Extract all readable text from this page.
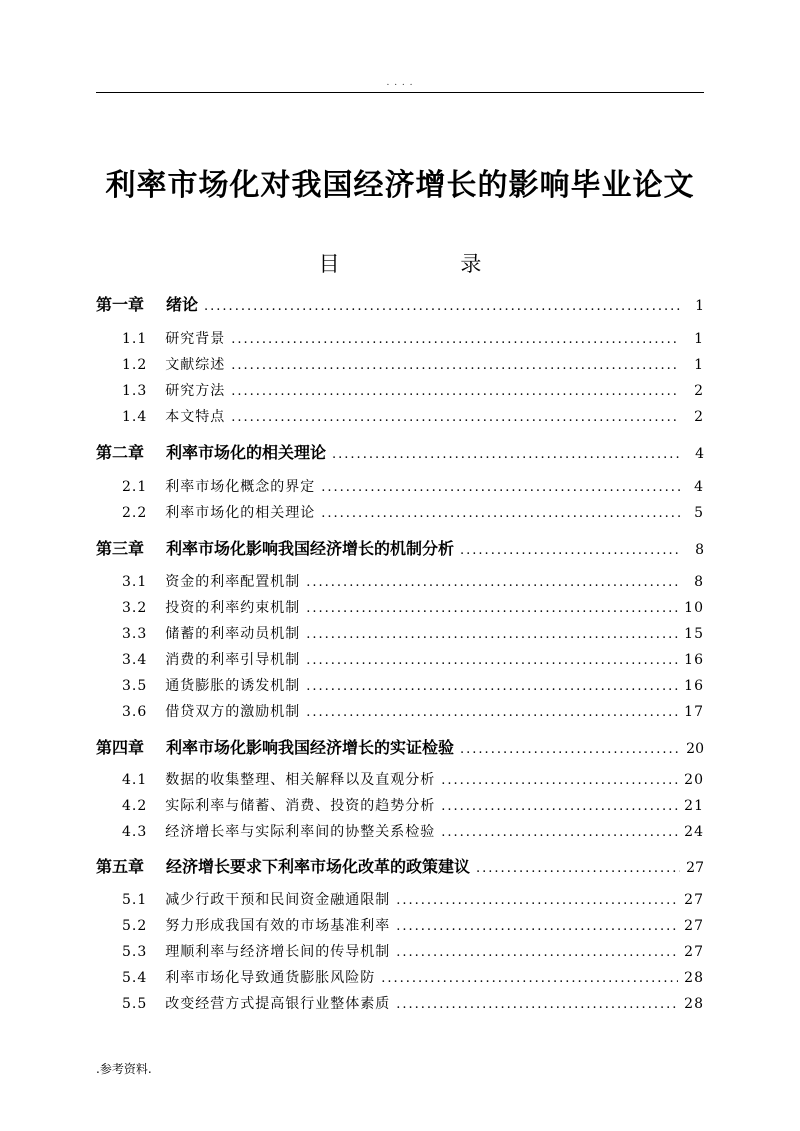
. . . .
利率市场化对我国经济增长的影响毕业论文
目 录
第一章 绪论 .....	1
1.1 研究背景 .....	1
1.2 文献综述 .....	1
1.3 研究方法 .....	2
1.4 本文特点 .....	2
第二章 利率市场化的相关理论 .....	4
2.1 利率市场化概念的界定 .....	4
2.2 利率市场化的相关理论 .....	5
第三章 利率市场化影响我国经济增长的机制分析 .....	8
3.1 资金的利率配置机制 .....	8
3.2 投资的利率约束机制 .....	10
3.3 储蓄的利率动员机制 .....	15
3.4 消费的利率引导机制 .....	16
3.5 通货膨胀的诱发机制 .....	16
3.6 借贷双方的激励机制 .....	17
第四章 利率市场化影响我国经济增长的实证检验 .....	20
4.1 数据的收集整理、相关解释以及直观分析 .....	20
4.2 实际利率与储蓄、消费、投资的趋势分析 .....	21
4.3 经济增长率与实际利率间的协整关系检验 .....	24
第五章 经济增长要求下利率市场化改革的政策建议 .....	27
5.1 减少行政干预和民间资金融通限制 .....	27
5.2 努力形成我国有效的市场基准利率 .....	27
5.3 理顺利率与经济增长间的传导机制 .....	27
5.4 利率市场化导致通货膨胀风险防 .....	28
5.5 改变经营方式提高银行业整体素质 .....	28
.参考资料.
